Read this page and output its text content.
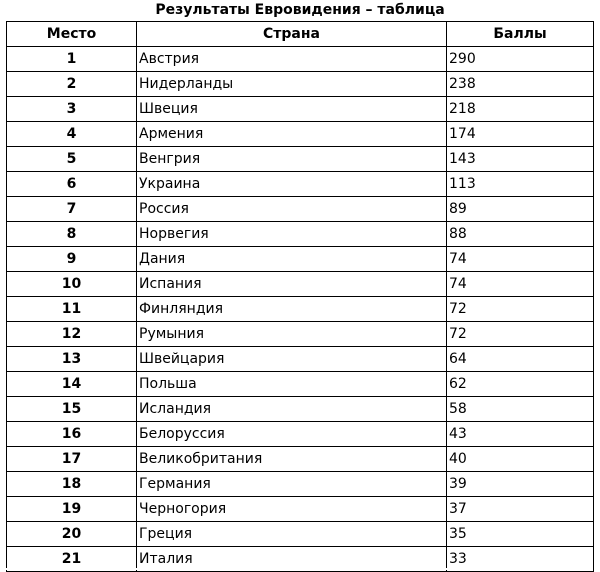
Результаты Евровидения – таблица
Место	Страна	Баллы
1	Австрия	290
2	Нидерланды	238
3	Швеция	218
4	Армения	174
5	Венгрия	143
6	Украина	113
7	Россия	89
8	Норвегия	88
9	Дания	74
10	Испания	74
11	Финляндия	72
12	Румыния	72
13	Швейцария	64
14	Польша	62
15	Исландия	58
16	Белоруссия	43
17	Великобритания	40
18	Германия	39
19	Черногория	37
20	Греция	35
21	Италия	33
